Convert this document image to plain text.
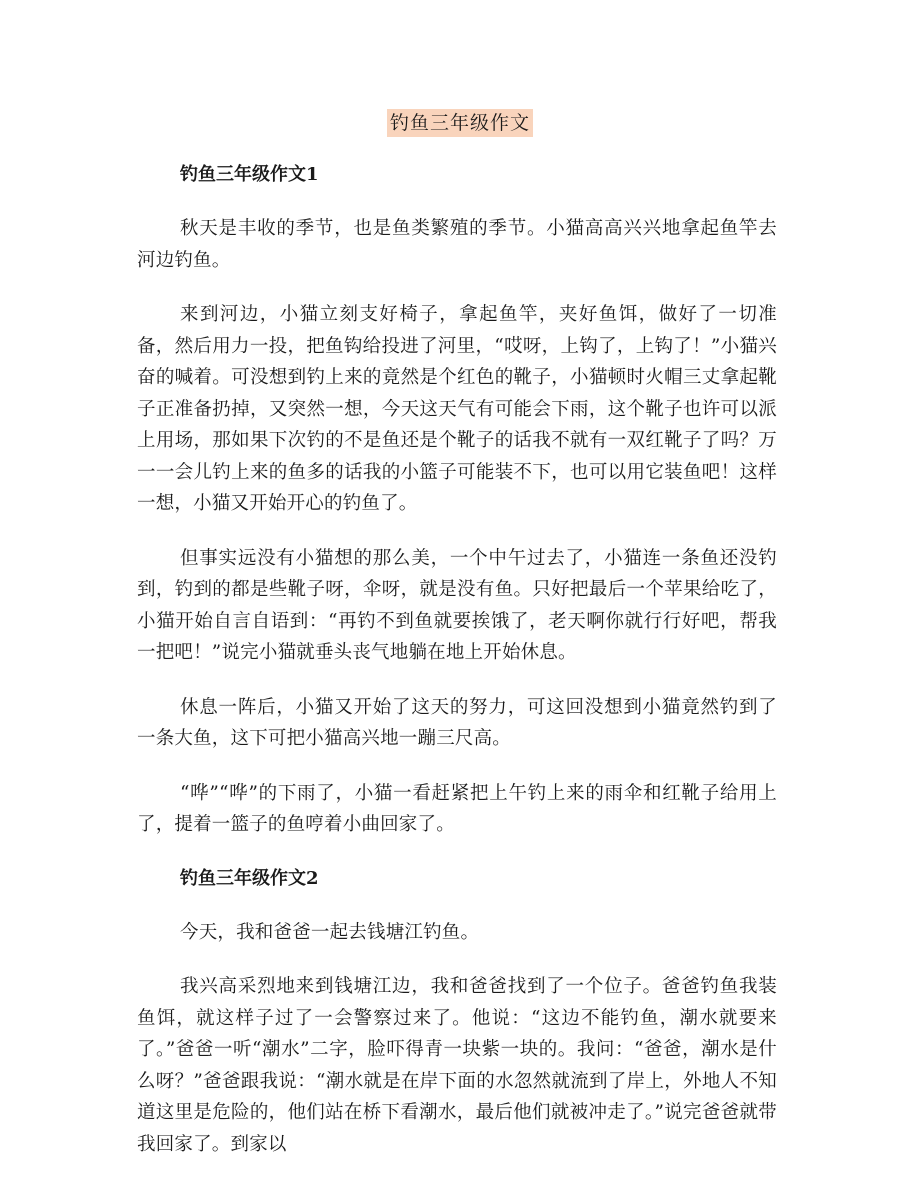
钓鱼三年级作文
钓鱼三年级作文1

秋天是丰收的季节，也是鱼类繁殖的季节。小猫高高兴兴地拿起鱼竿去河边钓鱼。

来到河边，小猫立刻支好椅子，拿起鱼竿，夹好鱼饵，做好了一切准备，然后用力一投，把鱼钩给投进了河里，“哎呀，上钩了，上钩了！”小猫兴奋的喊着。可没想到钓上来的竟然是个红色的靴子，小猫顿时火帽三丈拿起靴子正准备扔掉，又突然一想，今天这天气有可能会下雨，这个靴子也许可以派上用场，那如果下次钓的不是鱼还是个靴子的话我不就有一双红靴子了吗？万一一会儿钓上来的鱼多的话我的小篮子可能装不下，也可以用它装鱼吧！这样一想，小猫又开始开心的钓鱼了。

但事实远没有小猫想的那么美，一个中午过去了，小猫连一条鱼还没钓到，钓到的都是些靴子呀，伞呀，就是没有鱼。只好把最后一个苹果给吃了，小猫开始自言自语到：“再钓不到鱼就要挨饿了，老天啊你就行行好吧，帮我一把吧！”说完小猫就垂头丧气地躺在地上开始休息。

休息一阵后，小猫又开始了这天的努力，可这回没想到小猫竟然钓到了一条大鱼，这下可把小猫高兴地一蹦三尺高。

“哗”“哗”的下雨了，小猫一看赶紧把上午钓上来的雨伞和红靴子给用上了，提着一篮子的鱼哼着小曲回家了。

钓鱼三年级作文2

今天，我和爸爸一起去钱塘江钓鱼。

我兴高采烈地来到钱塘江边，我和爸爸找到了一个位子。爸爸钓鱼我装鱼饵，就这样子过了一会警察过来了。他说：“这边不能钓鱼，潮水就要来了。”爸爸一听“潮水”二字，脸吓得青一块紫一块的。我问：“爸爸，潮水是什么呀？”爸爸跟我说：“潮水就是在岸下面的水忽然就流到了岸上，外地人不知道这里是危险的，他们站在桥下看潮水，最后他们就被冲走了。”说完爸爸就带我回家了。到家以
